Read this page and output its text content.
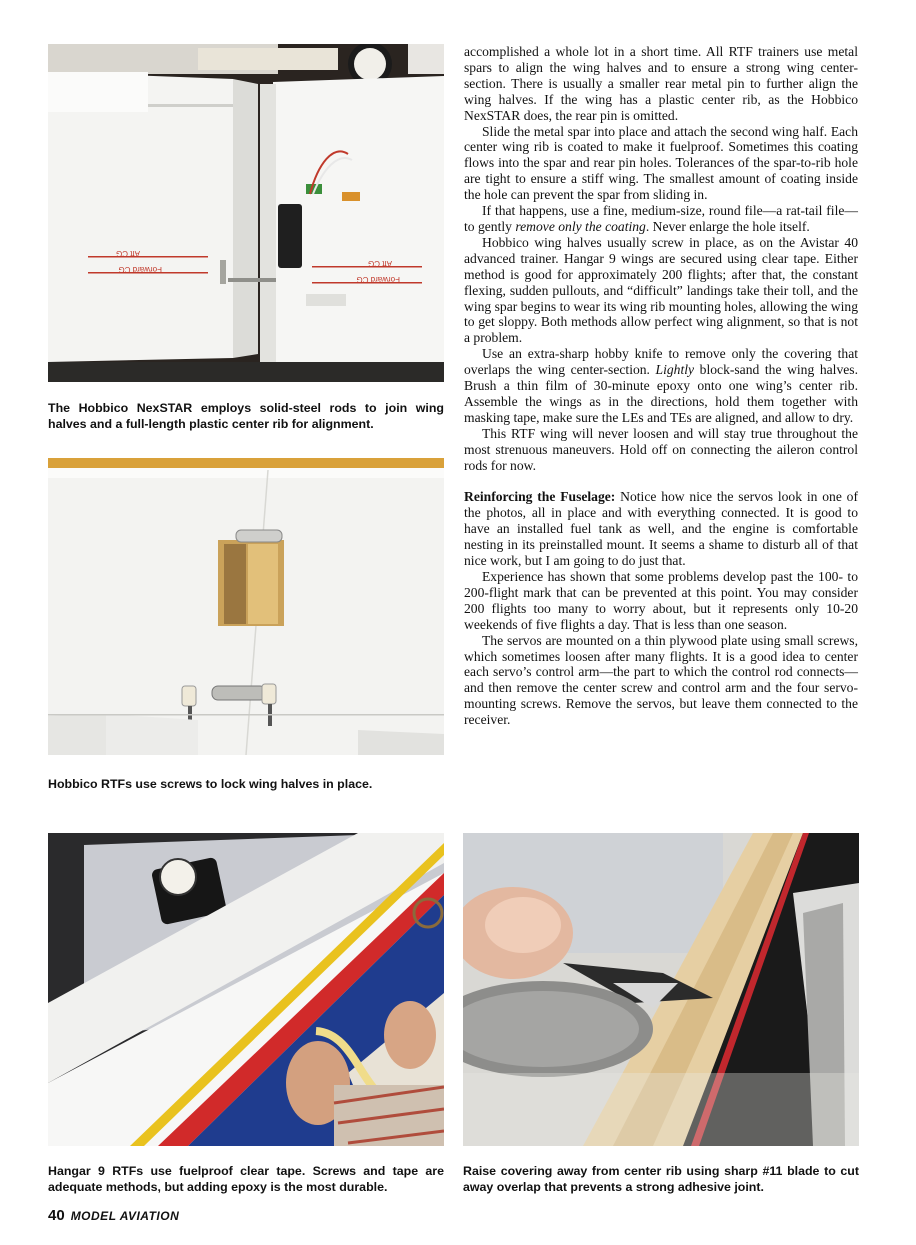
Aft CG
Forward CG
Aft CG
Forward CG

The Hobbico NexSTAR employs solid-steel rods to join wing halves and a full-length plastic center rib for alignment.

Hobbico RTFs use screws to lock wing halves in place.

accomplished a whole lot in a short time. All RTF trainers use metal spars to align the wing halves and to ensure a strong wing center-section. There is usually a smaller rear metal pin to further align the wing halves. If the wing has a plastic center rib, as the Hobbico NexSTAR does, the rear pin is omitted.

Slide the metal spar into place and attach the second wing half. Each center wing rib is coated to make it fuelproof. Sometimes this coating flows into the spar and rear pin holes. Tolerances of the spar-to-rib hole are tight to ensure a stiff wing. The smallest amount of coating inside the hole can prevent the spar from sliding in.

If that happens, use a fine, medium-size, round file—a rat-tail file—to gently remove only the coating. Never enlarge the hole itself.

Hobbico wing halves usually screw in place, as on the Avistar 40 advanced trainer. Hangar 9 wings are secured using clear tape. Either method is good for approximately 200 flights; after that, the constant flexing, sudden pullouts, and “difficult” landings take their toll, and the wing spar begins to wear its wing rib mounting holes, allowing the wing to get sloppy. Both methods allow perfect wing alignment, so that is not a problem.

Use an extra-sharp hobby knife to remove only the covering that overlaps the wing center-section. Lightly block-sand the wing halves. Brush a thin film of 30-minute epoxy onto one wing’s center rib. Assemble the wings as in the directions, hold them together with masking tape, make sure the LEs and TEs are aligned, and allow to dry.

This RTF wing will never loosen and will stay true throughout the most strenuous maneuvers. Hold off on connecting the aileron control rods for now.

Reinforcing the Fuselage: Notice how nice the servos look in one of the photos, all in place and with everything connected. It is good to have an installed fuel tank as well, and the engine is comfortable nesting in its preinstalled mount. It seems a shame to disturb all of that nice work, but I am going to do just that.

Experience has shown that some problems develop past the 100- to 200-flight mark that can be prevented at this point. You may consider 200 flights too many to worry about, but it represents only 10-20 weekends of five flights a day. That is less than one season.

The servos are mounted on a thin plywood plate using small screws, which sometimes loosen after many flights. It is a good idea to center each servo’s control arm—the part to which the control rod connects—and then remove the center screw and control arm and the four servo-mounting screws. Remove the servos, but leave them connected to the receiver.

Hangar 9 RTFs use fuelproof clear tape. Screws and tape are adequate methods, but adding epoxy is the most durable.

Raise covering away from center rib using sharp #11 blade to cut away overlap that prevents a strong adhesive joint.

40 MODEL AVIATION
